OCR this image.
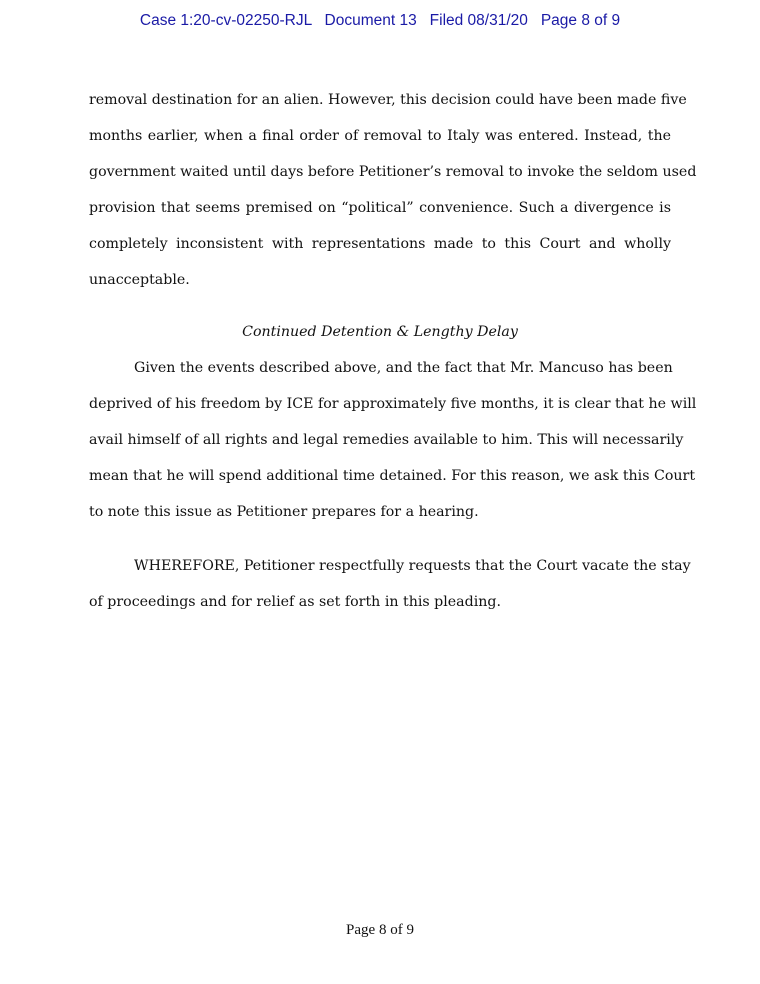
Case 1:20-cv-02250-RJL Document 13 Filed 08/31/20 Page 8 of 9
removal destination for an alien. However, this decision could have been made five
months earlier, when a final order of removal to Italy was entered. Instead, the
government waited until days before Petitioner’s removal to invoke the seldom used
provision that seems premised on “political” convenience. Such a divergence is
completely inconsistent with representations made to this Court and wholly
unacceptable.
Continued Detention & Lengthy Delay
Given the events described above, and the fact that Mr. Mancuso has been
deprived of his freedom by ICE for approximately five months, it is clear that he will
avail himself of all rights and legal remedies available to him. This will necessarily
mean that he will spend additional time detained. For this reason, we ask this Court
to note this issue as Petitioner prepares for a hearing.
WHEREFORE, Petitioner respectfully requests that the Court vacate the stay
of proceedings and for relief as set forth in this pleading.
Page 8 of 9
